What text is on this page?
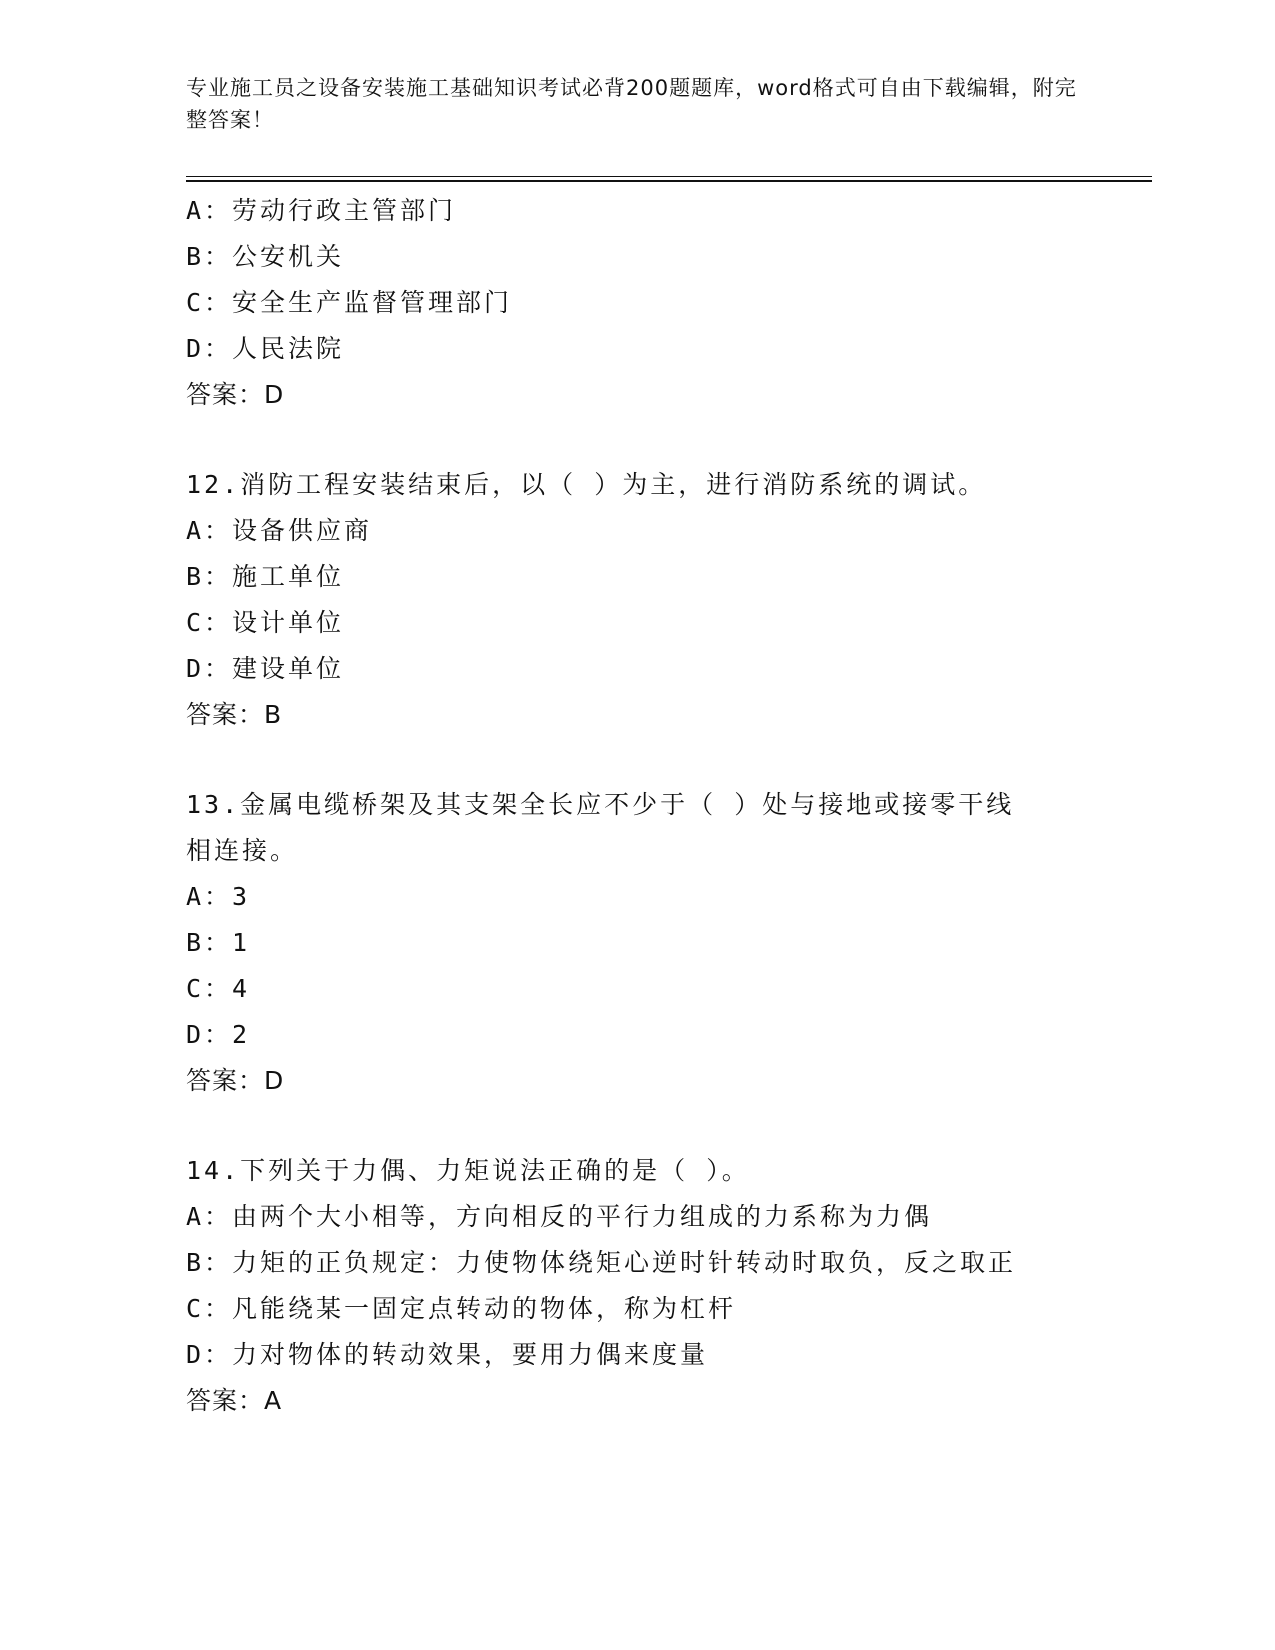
专业施工员之设备安装施工基础知识考试必背200题题库，word格式可自由下载编辑，附完整答案！
A：劳动行政主管部门
B：公安机关
C：安全生产监督管理部门
D：人民法院
答案：D
12.消防工程安装结束后，以（ ）为主，进行消防系统的调试。
A：设备供应商
B：施工单位
C：设计单位
D：建设单位
答案：B
13.金属电缆桥架及其支架全长应不少于（ ）处与接地或接零干线相连接。
A：3
B：1
C：4
D：2
答案：D
14.下列关于力偶、力矩说法正确的是（ ）。
A：由两个大小相等，方向相反的平行力组成的力系称为力偶
B：力矩的正负规定：力使物体绕矩心逆时针转动时取负，反之取正
C：凡能绕某一固定点转动的物体，称为杠杆
D：力对物体的转动效果，要用力偶来度量
答案：A
